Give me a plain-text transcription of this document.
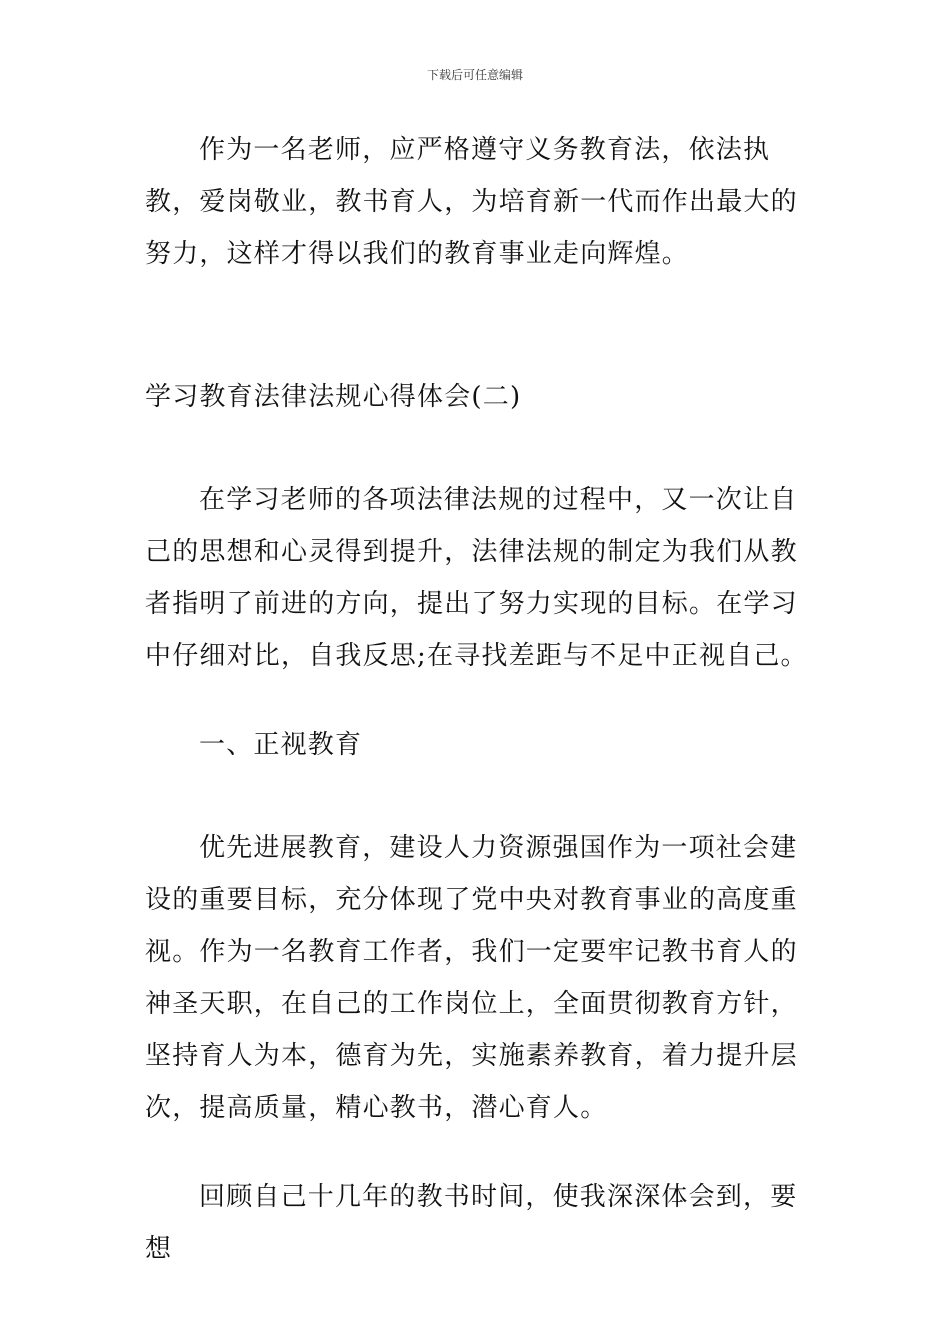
下载后可任意编辑
作为一名老师，应严格遵守义务教育法，依法执教，爱岗敬业，教书育人，为培育新一代而作出最大的努力，这样才得以我们的教育事业走向辉煌。
学习教育法律法规心得体会(二)
在学习老师的各项法律法规的过程中，又一次让自己的思想和心灵得到提升，法律法规的制定为我们从教者指明了前进的方向，提出了努力实现的目标。在学习中仔细对比，自我反思;在寻找差距与不足中正视自己。
一、正视教育
优先进展教育，建设人力资源强国作为一项社会建设的重要目标，充分体现了党中央对教育事业的高度重视。作为一名教育工作者，我们一定要牢记教书育人的神圣天职，在自己的工作岗位上，全面贯彻教育方针，坚持育人为本，德育为先，实施素养教育，着力提升层次，提高质量，精心教书，潜心育人。
回顾自己十几年的教书时间，使我深深体会到，要想
